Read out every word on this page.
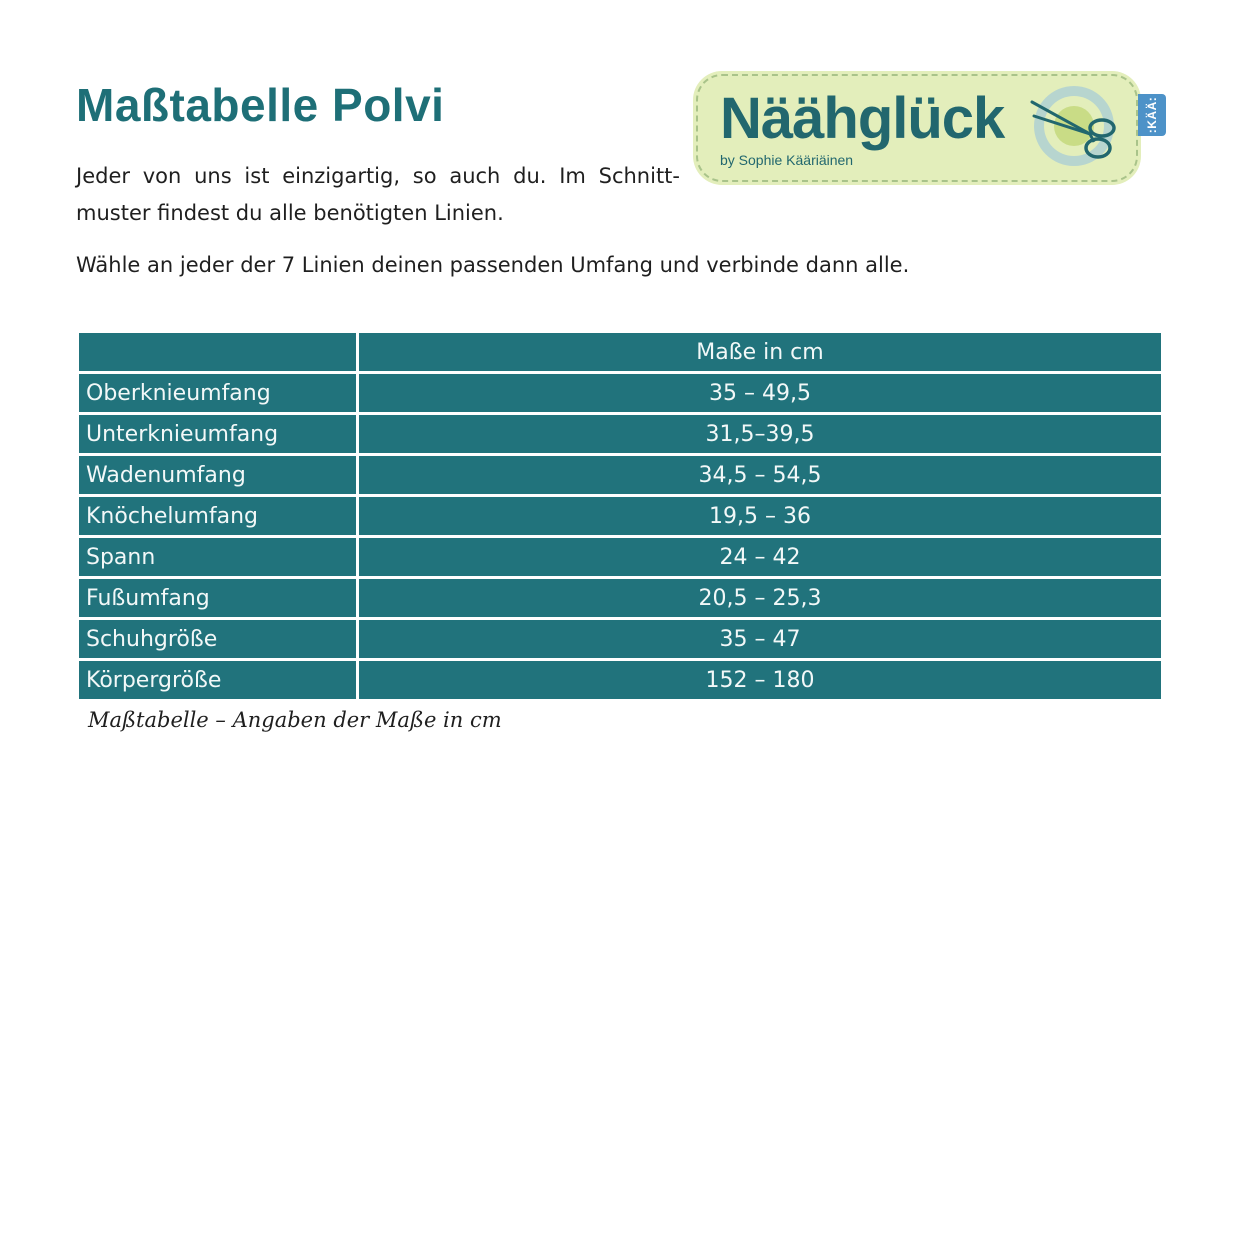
Maßtabelle Polvi

Jeder von uns ist einzigartig, so auch du. Im Schnittmuster findest du alle benötigten Linien.

Wähle an jeder der 7 Linien deinen passenden Umfang und verbinde dann alle.

Näähglück
by Sophie Kääriäinen
:KÄÄ:
	Maße in cm
Oberknieumfang	35 – 49,5
Unterknieumfang	31,5–39,5
Wadenumfang	34,5 – 54,5
Knöchelumfang	19,5 – 36
Spann	24 – 42
Fußumfang	20,5 – 25,3
Schuhgröße	35 – 47
Körpergröße	152 – 180

Maßtabelle – Angaben der Maße in cm
